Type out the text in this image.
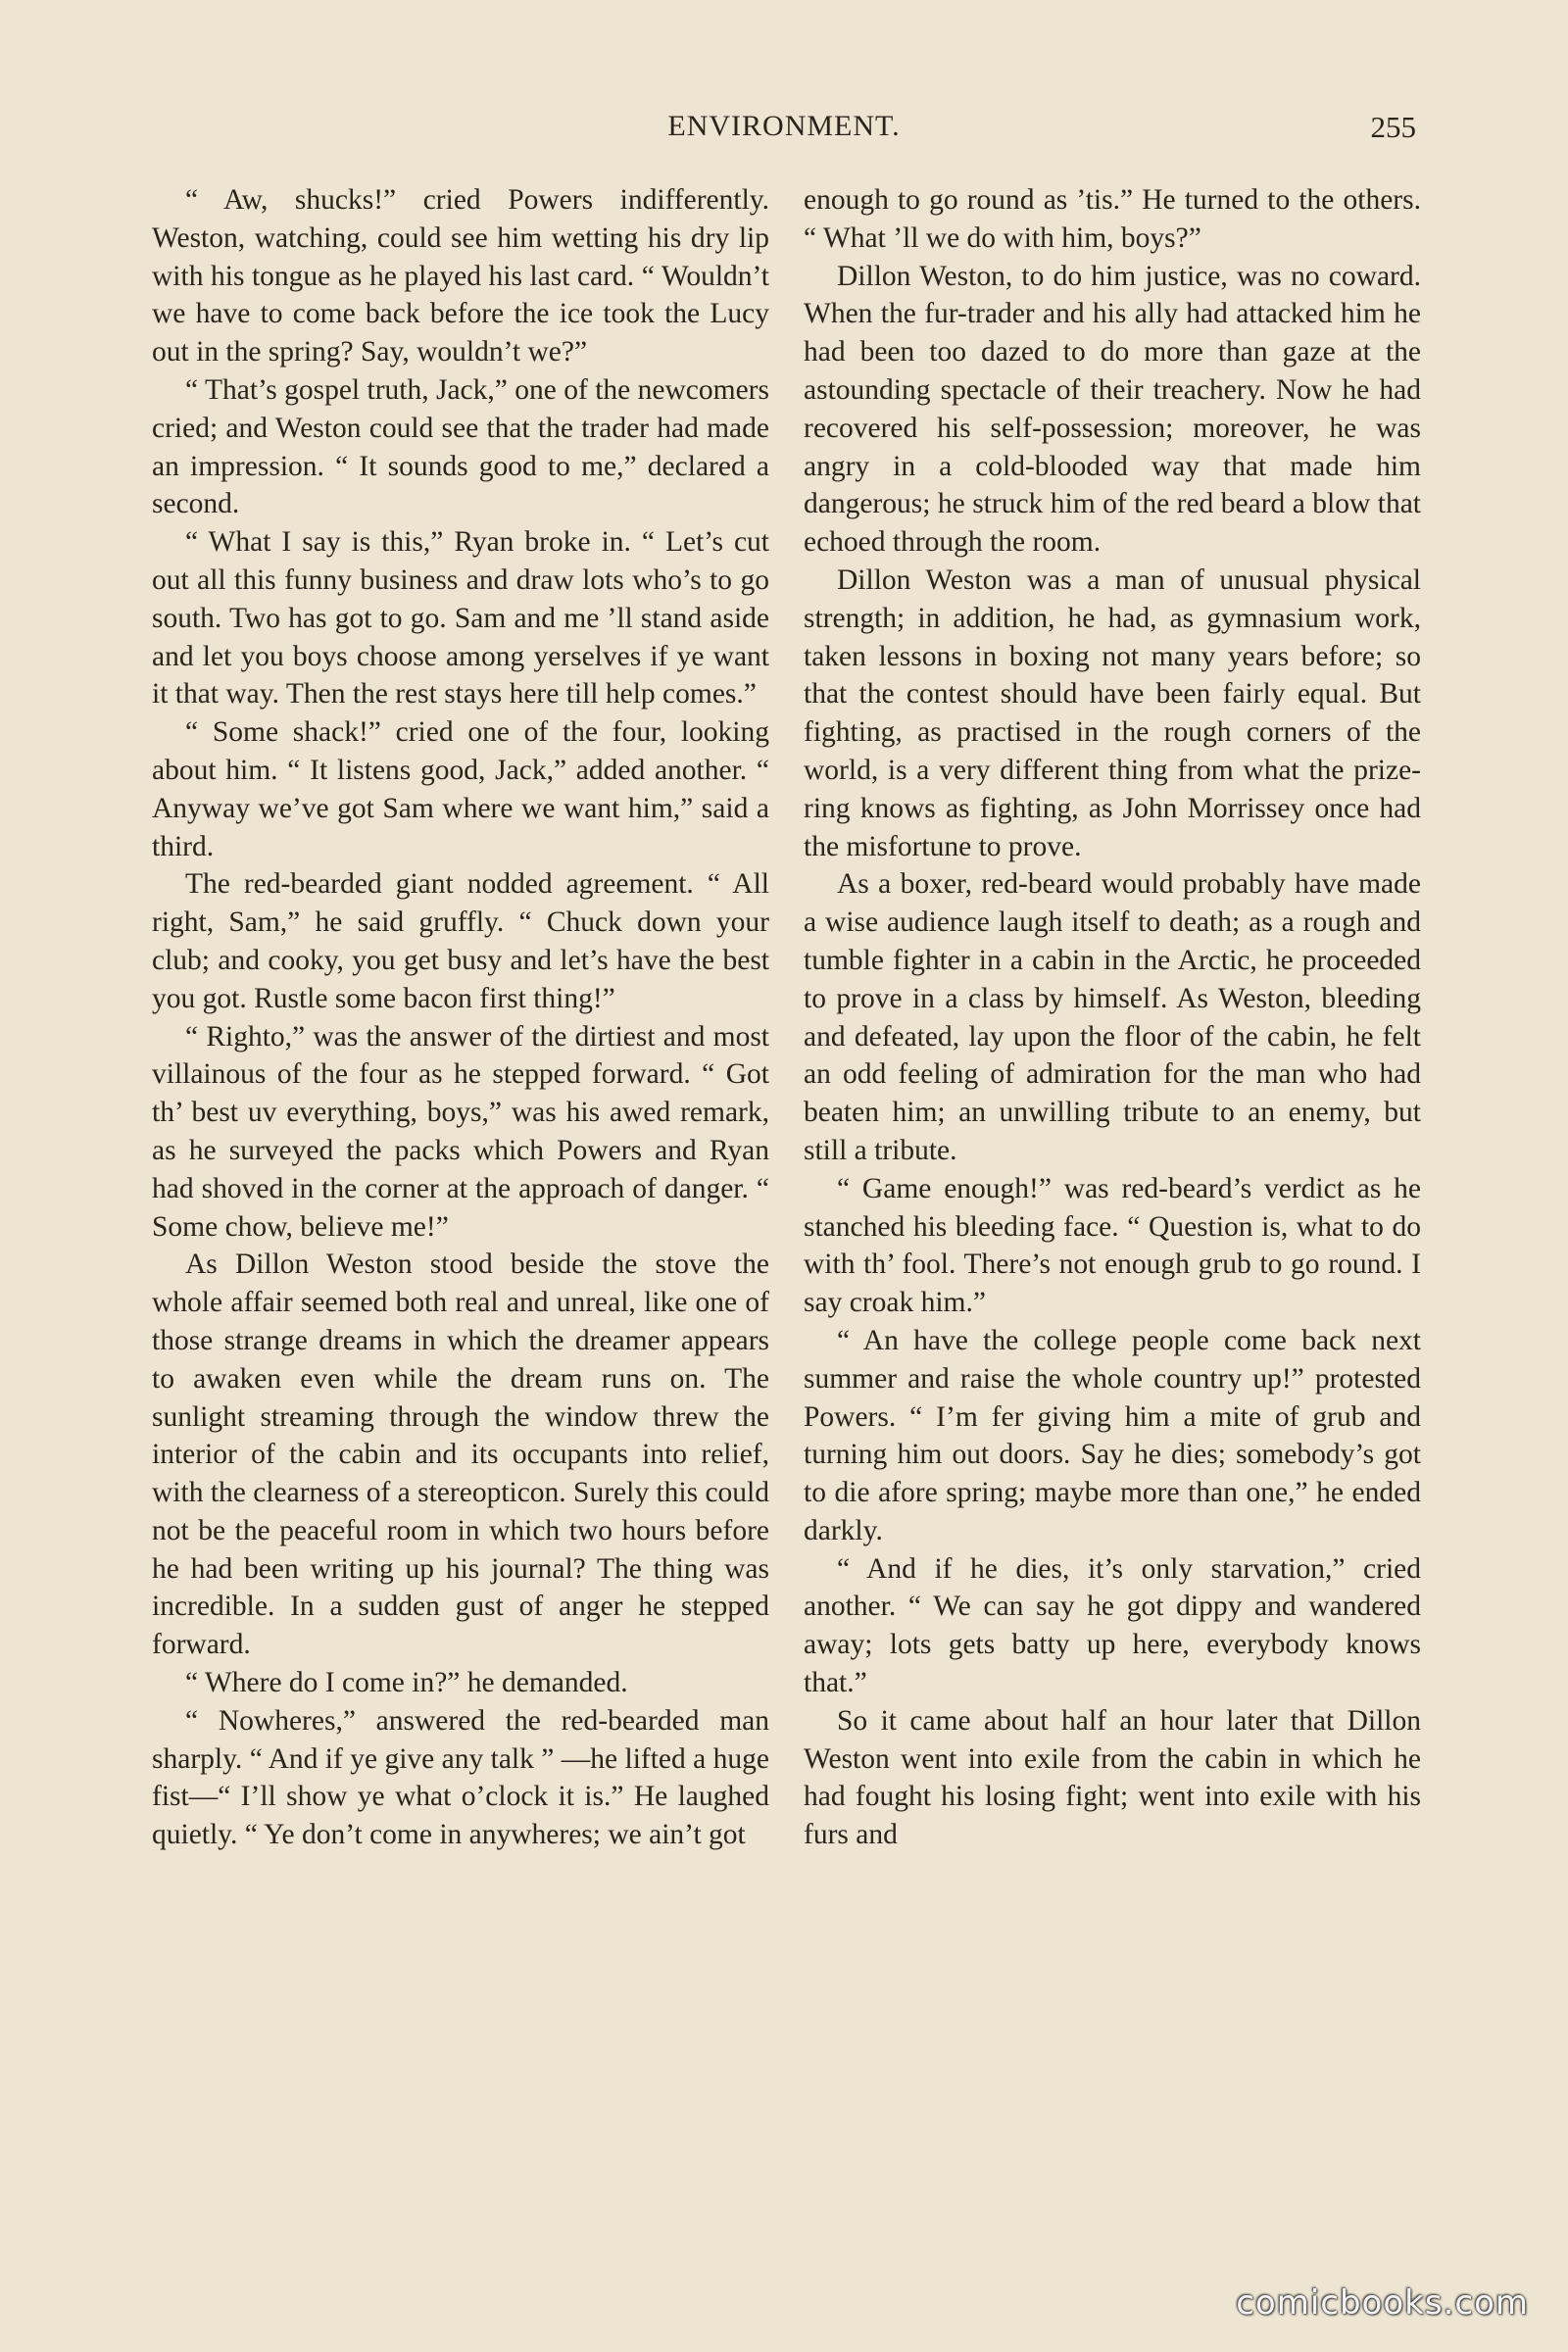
ENVIRONMENT.	255

“ Aw, shucks!” cried Powers indifferently. Weston, watching, could see him wetting his dry lip with his tongue as he played his last card. “ Wouldn’t we have to come back before the ice took the Lucy out in the spring? Say, wouldn’t we?”

“ That’s gospel truth, Jack,” one of the newcomers cried; and Weston could see that the trader had made an impression. “ It sounds good to me,” declared a second.

“ What I say is this,” Ryan broke in. “ Let’s cut out all this funny business and draw lots who’s to go south. Two has got to go. Sam and me ’ll stand aside and let you boys choose among yerselves if ye want it that way. Then the rest stays here till help comes.”

“ Some shack!” cried one of the four, looking about him. “ It listens good, Jack,” added another. “ Anyway we’ve got Sam where we want him,” said a third.

The red-bearded giant nodded agreement. “ All right, Sam,” he said gruffly. “ Chuck down your club; and cooky, you get busy and let’s have the best you got. Rustle some bacon first thing!”

“ Righto,” was the answer of the dirtiest and most villainous of the four as he stepped forward. “ Got th’ best uv everything, boys,” was his awed remark, as he surveyed the packs which Powers and Ryan had shoved in the corner at the approach of danger. “ Some chow, believe me!”

As Dillon Weston stood beside the stove the whole affair seemed both real and unreal, like one of those strange dreams in which the dreamer appears to awaken even while the dream runs on. The sunlight streaming through the window threw the interior of the cabin and its occupants into relief, with the clearness of a stereopticon. Surely this could not be the peaceful room in which two hours before he had been writing up his journal? The thing was incredible. In a sudden gust of anger he stepped forward.

“ Where do I come in?” he demanded.

“ Nowheres,” answered the red-bearded man sharply. “ And if ye give any talk ” —he lifted a huge fist—“ I’ll show ye what o’clock it is.” He laughed quietly. “ Ye don’t come in anywheres; we ain’t got

enough to go round as ’tis.” He turned to the others. “ What ’ll we do with him, boys?”

Dillon Weston, to do him justice, was no coward. When the fur-trader and his ally had attacked him he had been too dazed to do more than gaze at the astounding spectacle of their treachery. Now he had recovered his self-possession; moreover, he was angry in a cold-blooded way that made him dangerous; he struck him of the red beard a blow that echoed through the room.

Dillon Weston was a man of unusual physical strength; in addition, he had, as gymnasium work, taken lessons in boxing not many years before; so that the contest should have been fairly equal. But fighting, as practised in the rough corners of the world, is a very different thing from what the prize-ring knows as fighting, as John Morrissey once had the misfortune to prove.

As a boxer, red-beard would probably have made a wise audience laugh itself to death; as a rough and tumble fighter in a cabin in the Arctic, he proceeded to prove in a class by himself. As Weston, bleeding and defeated, lay upon the floor of the cabin, he felt an odd feeling of admiration for the man who had beaten him; an unwilling tribute to an enemy, but still a tribute.

“ Game enough!” was red-beard’s verdict as he stanched his bleeding face. “ Question is, what to do with th’ fool. There’s not enough grub to go round. I say croak him.”

“ An have the college people come back next summer and raise the whole country up!” protested Powers. “ I’m fer giving him a mite of grub and turning him out doors. Say he dies; somebody’s got to die afore spring; maybe more than one,” he ended darkly.

“ And if he dies, it’s only starvation,” cried another. “ We can say he got dippy and wandered away; lots gets batty up here, everybody knows that.”

So it came about half an hour later that Dillon Weston went into exile from the cabin in which he had fought his losing fight; went into exile with his furs and

comicbooks.com
